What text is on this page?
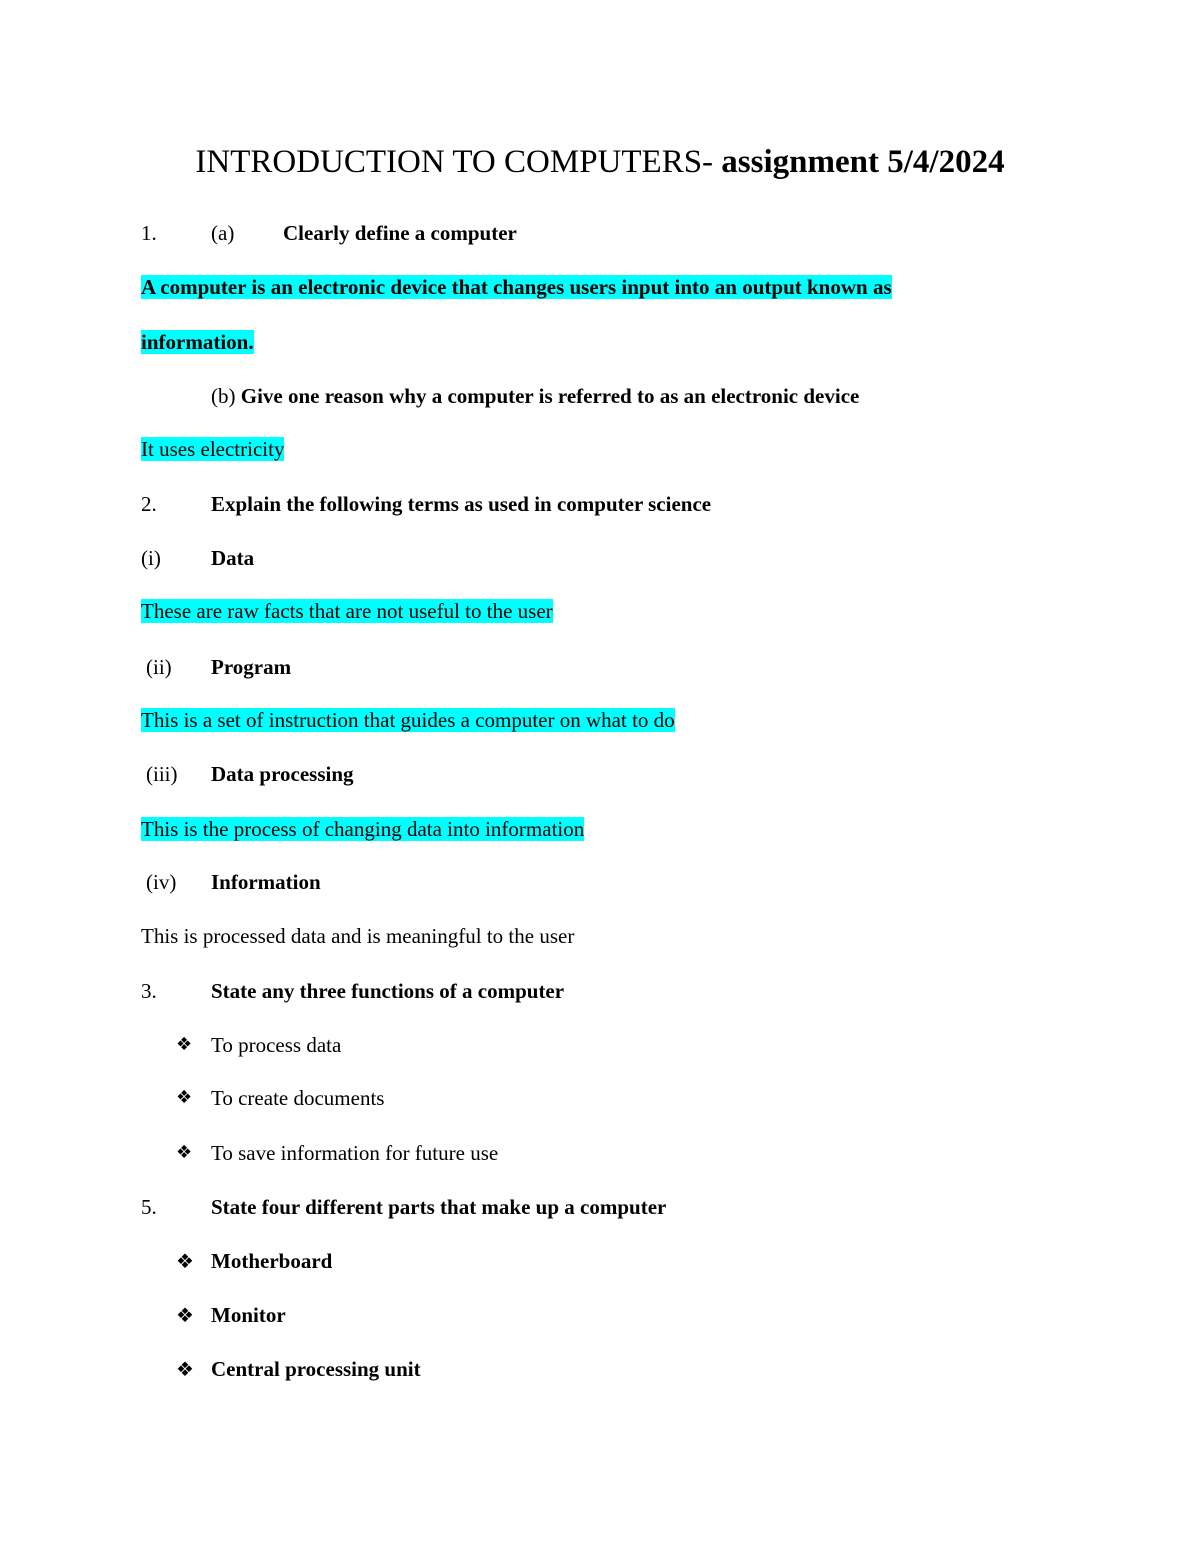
INTRODUCTION TO COMPUTERS- assignment 5/4/2024
1.	(a) Clearly define a computer
A computer is an electronic device that changes users input into an output known as
information.
(b) Give one reason why a computer is referred to as an electronic device
It uses electricity
2.	Explain the following terms as used in computer science
(i) Data
These are raw facts that are not useful to the user
(ii) Program
This is a set of instruction that guides a computer on what to do
(iii) Data processing
This is the process of changing data into information
(iv) Information
This is processed data and is meaningful to the user
3.	State any three functions of a computer
❖ To process data
❖ To create documents
❖ To save information for future use
5.	State four different parts that make up a computer
❖ Motherboard
❖ Monitor
❖ Central processing unit
